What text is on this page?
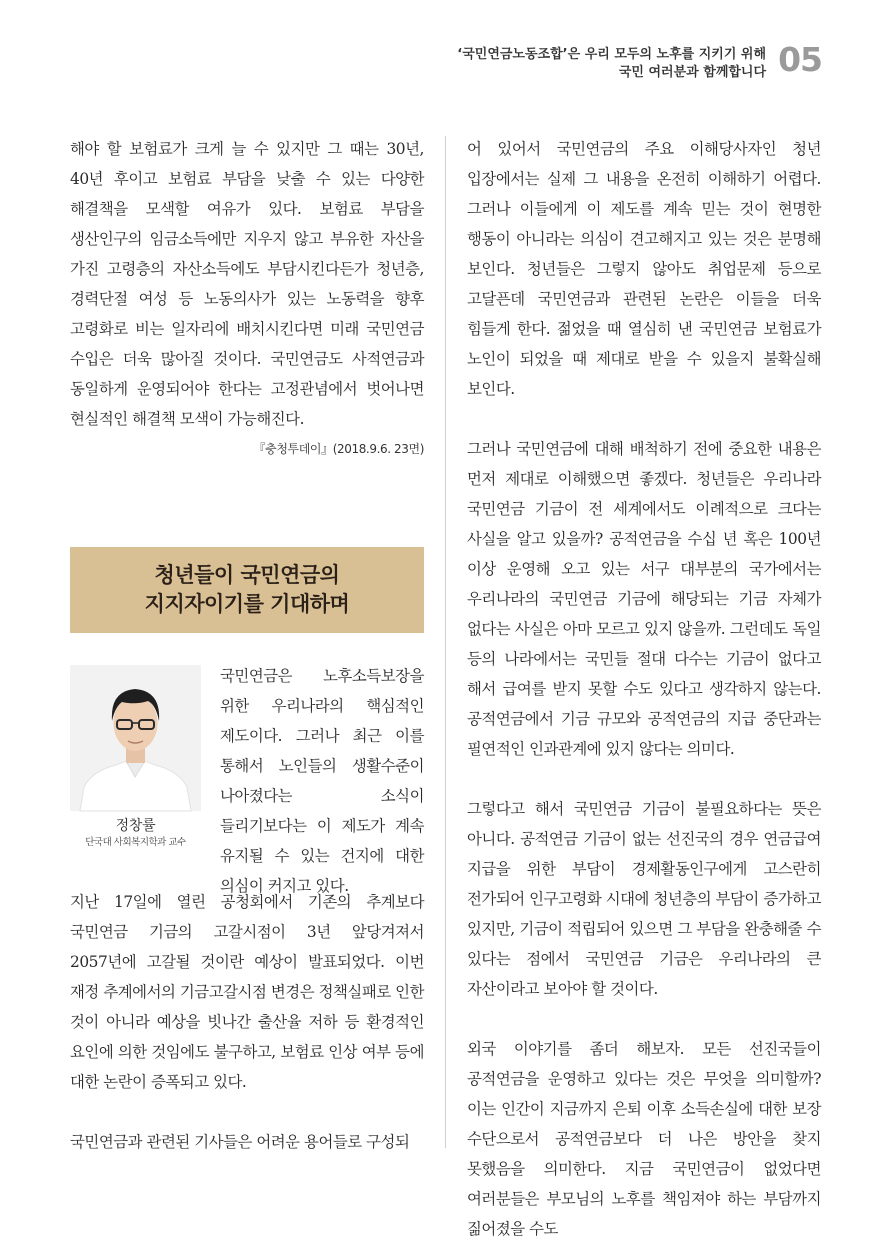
‘국민연금노동조합’은 우리 모두의 노후를 지키기 위해
국민 여러분과 함께합니다 05

해야 할 보험료가 크게 늘 수 있지만 그 때는 30년, 40년 후이고 보험료 부담을 낮출 수 있는 다양한 해결책을 모색할 여유가 있다. 보험료 부담을 생산인구의 임금소득에만 지우지 않고 부유한 자산을 가진 고령층의 자산소득에도 부담시킨다든가 청년층, 경력단절 여성 등 노동의사가 있는 노동력을 향후 고령화로 비는 일자리에 배치시킨다면 미래 국민연금 수입은 더욱 많아질 것이다. 국민연금도 사적연금과 동일하게 운영되어야 한다는 고정관념에서 벗어나면 현실적인 해결책 모색이 가능해진다.

『충청투데이』(2018.9.6. 23면)
청년들이 국민연금의
지지자이기를 기대하며
정창률
단국대 사회복지학과 교수

국민연금은 노후소득보장을 위한 우리나라의 핵심적인 제도이다. 그러나 최근 이를 통해서 노인들의 생활수준이 나아졌다는 소식이 들리기보다는 이 제도가 계속 유지될 수 있는 건지에 대한 의심이 커지고 있다.

지난 17일에 열린 공청회에서 기존의 추계보다 국민연금 기금의 고갈시점이 3년 앞당겨져서 2057년에 고갈될 것이란 예상이 발표되었다. 이번 재정 추계에서의 기금고갈시점 변경은 정책실패로 인한 것이 아니라 예상을 빗나간 출산율 저하 등 환경적인 요인에 의한 것임에도 불구하고, 보험료 인상 여부 등에 대한 논란이 증폭되고 있다.

국민연금과 관련된 기사들은 어려운 용어들로 구성되

어 있어서 국민연금의 주요 이해당사자인 청년 입장에서는 실제 그 내용을 온전히 이해하기 어렵다. 그러나 이들에게 이 제도를 계속 믿는 것이 현명한 행동이 아니라는 의심이 견고해지고 있는 것은 분명해 보인다. 청년들은 그렇지 않아도 취업문제 등으로 고달픈데 국민연금과 관련된 논란은 이들을 더욱 힘들게 한다. 젊었을 때 열심히 낸 국민연금 보험료가 노인이 되었을 때 제대로 받을 수 있을지 불확실해 보인다.

그러나 국민연금에 대해 배척하기 전에 중요한 내용은 먼저 제대로 이해했으면 좋겠다. 청년들은 우리나라 국민연금 기금이 전 세계에서도 이례적으로 크다는 사실을 알고 있을까? 공적연금을 수십 년 혹은 100년 이상 운영해 오고 있는 서구 대부분의 국가에서는 우리나라의 국민연금 기금에 해당되는 기금 자체가 없다는 사실은 아마 모르고 있지 않을까. 그런데도 독일 등의 나라에서는 국민들 절대 다수는 기금이 없다고 해서 급여를 받지 못할 수도 있다고 생각하지 않는다. 공적연금에서 기금 규모와 공적연금의 지급 중단과는 필연적인 인과관계에 있지 않다는 의미다.

그렇다고 해서 국민연금 기금이 불필요하다는 뜻은 아니다. 공적연금 기금이 없는 선진국의 경우 연금급여 지급을 위한 부담이 경제활동인구에게 고스란히 전가되어 인구고령화 시대에 청년층의 부담이 증가하고 있지만, 기금이 적립되어 있으면 그 부담을 완충해줄 수 있다는 점에서 국민연금 기금은 우리나라의 큰 자산이라고 보아야 할 것이다.

외국 이야기를 좀더 해보자. 모든 선진국들이 공적연금을 운영하고 있다는 것은 무엇을 의미할까? 이는 인간이 지금까지 은퇴 이후 소득손실에 대한 보장 수단으로서 공적연금보다 더 나은 방안을 찾지 못했음을 의미한다. 지금 국민연금이 없었다면 여러분들은 부모님의 노후를 책임져야 하는 부담까지 짊어졌을 수도
